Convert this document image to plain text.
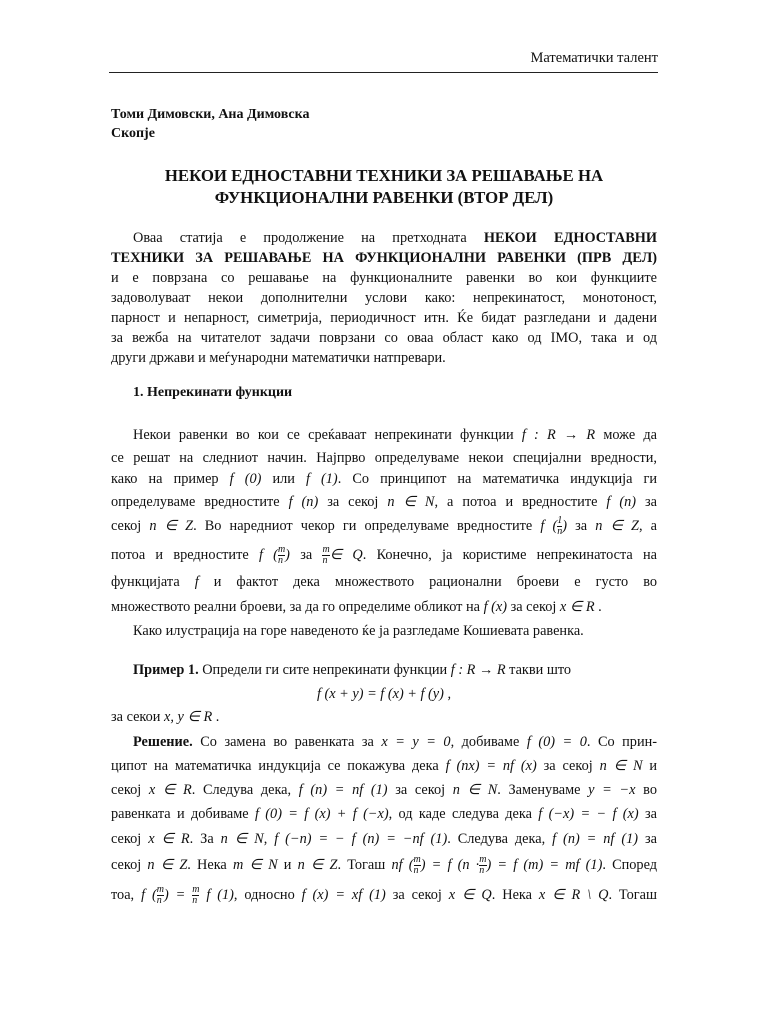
Математички талент
Томи Димовски, Ана Димовска
Скопје
НЕКОИ ЕДНОСТАВНИ ТЕХНИКИ ЗА РЕШАВАЊЕ НА
ФУНКЦИОНАЛНИ РАВЕНКИ (ВТОР ДЕЛ)
Оваа статија е продолжение на претходната НЕКОИ ЕДНОСТАВНИ
ТЕХНИКИ ЗА РЕШАВАЊЕ НА ФУНКЦИОНАЛНИ РАВЕНКИ (ПРВ ДЕЛ)
и е поврзана со решавање на функционалните равенки во кои функциите
задоволуваат некои дополнителни услови како: непрекинатост, монотоност,
парност и непарност, симетрија, периодичност итн. Ќе бидат разгледани и дадени
за вежба на читателот задачи поврзани со оваа област како од IMO, така и од
други држави и меѓународни математички натпревари.
1. Непрекинати функции
Некои равенки во кои се среќаваат непрекинати функции f : R → R може да
се решат на следниот начин. Најпрво определуваме некои специјални вредности,
како на пример f (0) или f (1). Со принципот на математичка индукција ги
определуваме вредностите f (n) за секој n ∈ N, а потоа и вредностите f (n) за
секој n ∈ Z. Во наредниот чекор ги определуваме вредностите f ( $\frac{1}{n}$ ) за n ∈ Z, а
потоа и вредностите f ( $\frac{m}{n}$ ) за $\frac{m}{n}$ ∈ Q. Конечно, ја користиме непрекинатоста на
функцијата f и фактот дека множеството рационални броеви е густо во
множеството реални броеви, за да го определиме обликот на f (x) за секој x ∈ R .
Како илустрација на горе наведеното ќе ја разгледаме Кошиевата равенка.
Пример 1. Определи ги сите непрекинати функции f : R → R такви што
f (x + y) = f (x) + f (y) ,
за секои x, y ∈ R .
Решение. Со замена во равенката за x = y = 0, добиваме f (0) = 0. Со прин-
ципот на математичка индукција се покажува дека f (nx) = nf (x) за секој n ∈ N и
секој x ∈ R. Следува дека, f (n) = nf (1) за секој n ∈ N. Заменуваме y = −x во
равенката и добиваме f (0) = f (x) + f (−x), од каде следува дека f (−x) = − f (x) за
секој x ∈ R. За n ∈ N, f (−n) = − f (n) = −nf (1). Следува дека, f (n) = nf (1) за
секој n ∈ Z. Нека m ∈ N и n ∈ Z. Тогаш nf ( $\frac{m}{n}$ ) = f ($n \cdot \frac{m}{n}$ ) = f (m) = mf (1). Според
тоа, f ( $\frac{m}{n}$ ) = $\frac{m}{n}$ f (1), односно f (x) = xf (1) за секој x ∈ Q. Нека x ∈ R \ Q. Тогаш
